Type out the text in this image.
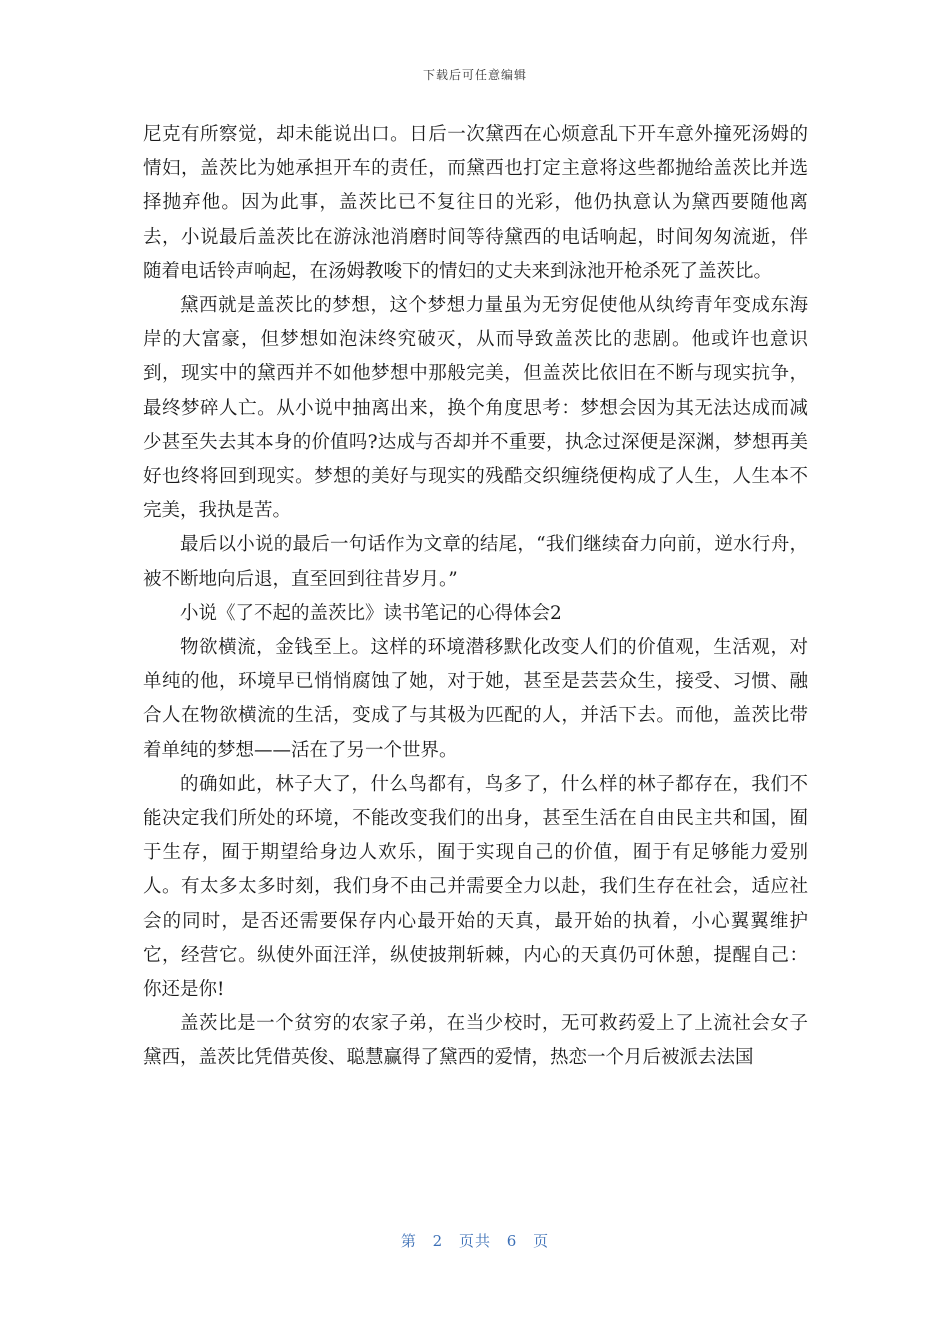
下载后可任意编辑

尼克有所察觉，却未能说出口。日后一次黛西在心烦意乱下开车意外撞死汤姆的情妇，盖茨比为她承担开车的责任，而黛西也打定主意将这些都抛给盖茨比并选择抛弃他。因为此事，盖茨比已不复往日的光彩，他仍执意认为黛西要随他离去，小说最后盖茨比在游泳池消磨时间等待黛西的电话响起，时间匆匆流逝，伴随着电话铃声响起，在汤姆教唆下的情妇的丈夫来到泳池开枪杀死了盖茨比。

黛西就是盖茨比的梦想，这个梦想力量虽为无穷促使他从纨绔青年变成东海岸的大富豪，但梦想如泡沫终究破灭，从而导致盖茨比的悲剧。他或许也意识到，现实中的黛西并不如他梦想中那般完美，但盖茨比依旧在不断与现实抗争，最终梦碎人亡。从小说中抽离出来，换个角度思考：梦想会因为其无法达成而减少甚至失去其本身的价值吗?达成与否却并不重要，执念过深便是深渊，梦想再美好也终将回到现实。梦想的美好与现实的残酷交织缠绕便构成了人生，人生本不完美，我执是苦。

最后以小说的最后一句话作为文章的结尾，“我们继续奋力向前，逆水行舟，被不断地向后退，直至回到往昔岁月。”

小说《了不起的盖茨比》读书笔记的心得体会2

物欲横流，金钱至上。这样的环境潜移默化改变人们的价值观，生活观，对单纯的他，环境早已悄悄腐蚀了她，对于她，甚至是芸芸众生，接受、习惯、融合人在物欲横流的生活，变成了与其极为匹配的人，并活下去。而他，盖茨比带着单纯的梦想——活在了另一个世界。

的确如此，林子大了，什么鸟都有，鸟多了，什么样的林子都存在，我们不能决定我们所处的环境，不能改变我们的出身，甚至生活在自由民主共和国，囿于生存，囿于期望给身边人欢乐，囿于实现自己的价值，囿于有足够能力爱别人。有太多太多时刻，我们身不由己并需要全力以赴，我们生存在社会，适应社会的同时，是否还需要保存内心最开始的天真，最开始的执着，小心翼翼维护它，经营它。纵使外面汪洋，纵使披荆斩棘，内心的天真仍可休憩，提醒自己：你还是你!

盖茨比是一个贫穷的农家子弟，在当少校时，无可救药爱上了上流社会女子黛西，盖茨比凭借英俊、聪慧赢得了黛西的爱情，热恋一个月后被派去法国

第 2 页共 6 页
